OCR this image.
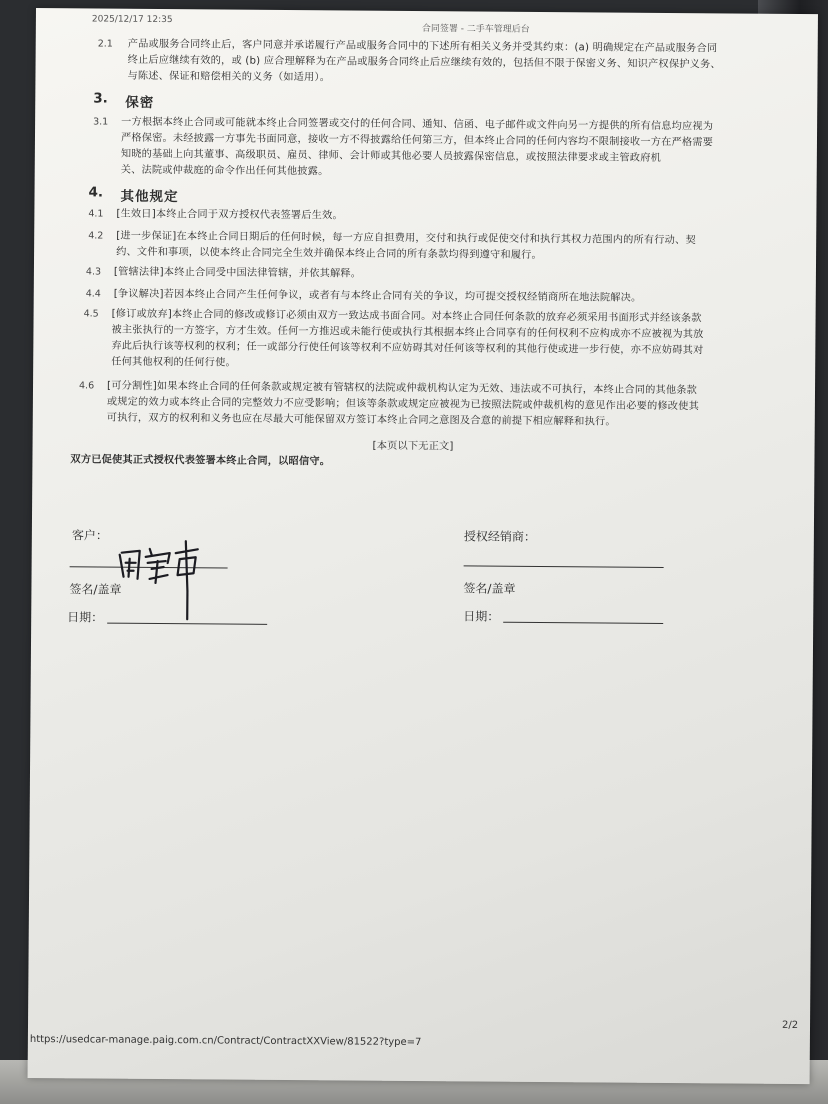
2025/12/17 12:35
合同签署 - 二手车管理后台
2.1 产品或服务合同终止后，客户同意并承诺履行产品或服务合同中的下述所有相关义务并受其约束：(a) 明确规定在产品或服务合同
终止后应继续有效的，或 (b) 应合理解释为在产品或服务合同终止后应继续有效的，包括但不限于保密义务、知识产权保护义务、
与陈述、保证和赔偿相关的义务（如适用）。
3. 保密
3.1 一方根据本终止合同或可能就本终止合同签署或交付的任何合同、通知、信函、电子邮件或文件向另一方提供的所有信息均应视为
严格保密。未经披露一方事先书面同意，接收一方不得披露给任何第三方，但本终止合同的任何内容均不限制接收一方在严格需要
知晓的基础上向其董事、高级职员、雇员、律师、会计师或其他必要人员披露保密信息，或按照法律要求或主管政府机
关、法院或仲裁庭的命令作出任何其他披露。
4. 其他规定
4.1 [生效日]本终止合同于双方授权代表签署后生效。
4.2 [进一步保证]在本终止合同日期后的任何时候，每一方应自担费用，交付和执行或促使交付和执行其权力范围内的所有行动、契
约、文件和事项，以使本终止合同完全生效并确保本终止合同的所有条款均得到遵守和履行。
4.3 [管辖法律]本终止合同受中国法律管辖，并依其解释。
4.4 [争议解决]若因本终止合同产生任何争议，或者有与本终止合同有关的争议，均可提交授权经销商所在地法院解决。
4.5 [修订或放弃]本终止合同的修改或修订必须由双方一致达成书面合同。对本终止合同任何条款的放弃必须采用书面形式并经该条款
被主张执行的一方签字，方才生效。任何一方推迟或未能行使或执行其根据本终止合同享有的任何权利不应构成亦不应被视为其放
弃此后执行该等权利的权利；任一或部分行使任何该等权利不应妨碍其对任何该等权利的其他行使或进一步行使，亦不应妨碍其对
任何其他权利的任何行使。
4.6 [可分割性]如果本终止合同的任何条款或规定被有管辖权的法院或仲裁机构认定为无效、违法或不可执行，本终止合同的其他条款
或规定的效力或本终止合同的完整效力不应受影响；但该等条款或规定应被视为已按照法院或仲裁机构的意见作出必要的修改使其
可执行，双方的权利和义务也应在尽最大可能保留双方签订本终止合同之意图及合意的前提下相应解释和执行。
[本页以下无正文]
双方已促使其正式授权代表签署本终止合同，以昭信守。
客户：
签名/盖章
日期：
授权经销商：
签名/盖章
日期：
https://usedcar-manage.paig.com.cn/Contract/ContractXXView/81522?type=7
2/2
